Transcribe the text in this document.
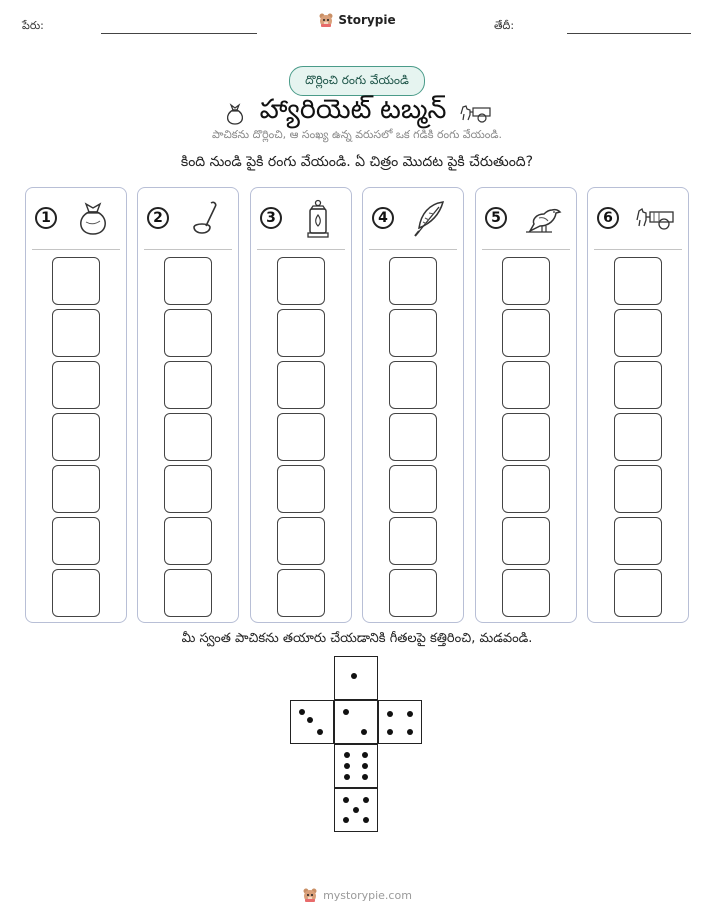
పేరు:	Storypie	తేదీ:
దొర్లించి రంగు వేయండి
హ్యారియెట్ టబ్మన్
పాచికను దొర్లించి, ఆ సంఖ్య ఉన్న వరుసలో ఒక గడికి రంగు వేయండి.
కింది నుండి పైకి రంగు వేయండి. ఏ చిత్రం మొదట పైకి చేరుతుంది?
1	2	3	4	5	6
మీ స్వంత పాచికను తయారు చేయడానికి గీతలపై కత్తిరించి, మడవండి.
mystorypie.com
